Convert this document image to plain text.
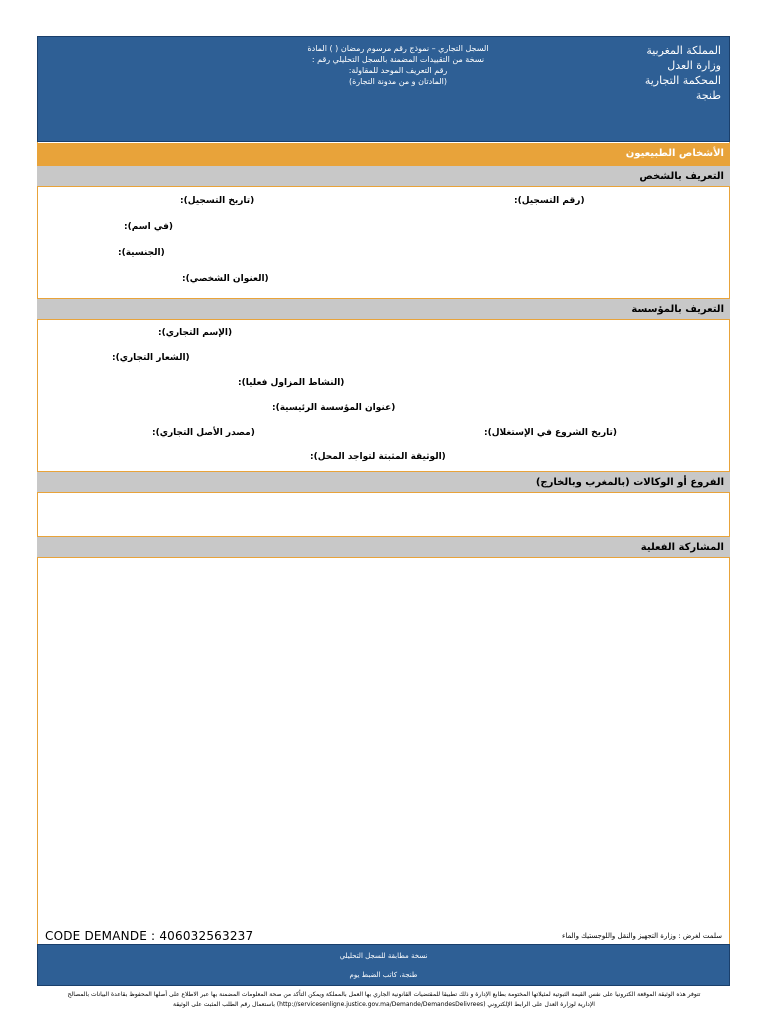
المملكة المغربية
وزارة العدل
المحكمة التجارية
طنجة
السجل التجاري – نموذج رقم مرسوم رمضان ( ) المادة
نسخة من التقييدات المضمنة بالسجل التحليلي رقم :
رقم التعريف الموحد للمقاولة:
(المادتان و من مدونة التجارة)
الأشخاص الطبيعيون
التعريف بالشخص
(رقم التسجيل):
(تاريخ التسجيل):
(في اسم):
(الجنسية):
(العنوان الشخصي):
التعريف بالمؤسسة
(الإسم التجاري):
(الشعار التجاري):
(النشاط المزاول فعليا):
(عنوان المؤسسة الرئيسية):
(تاريخ الشروع في الإستغلال):
(مصدر الأصل التجاري):
(الوثيقة المثبتة لتواجد المحل):
الفروع أو الوكالات (بالمغرب وبالخارج)
المشاركة الفعلية
CODE DEMANDE : 406032563237	سلمت لغرض : وزارة التجهيز والنقل واللوجستيك والماء
نسخة مطابقة للسجل التحليلي
طنجة، كاتب الضبط يوم
تتوفر هذه الوثيقة الموقعة الكترونيا على نفس القيمة الثبوتية لمثيلاتها المختومة بطابع الإدارة و ذلك تطبيقا للمقتضيات القانونية الجاري بها العمل بالمملكة ويمكن التأكد من صحة المعلومات المضمنة بها عبر الاطلاع على أصلها المحفوظ بقاعدة البيانات بالمصالح
الإدارية لوزارة العدل على الرابط الإلكتروني (http://servicesenligne.justice.gov.ma/Demande/DemandesDelivrees) باستعمال رقم الطلب المثبت على الوثيقة
